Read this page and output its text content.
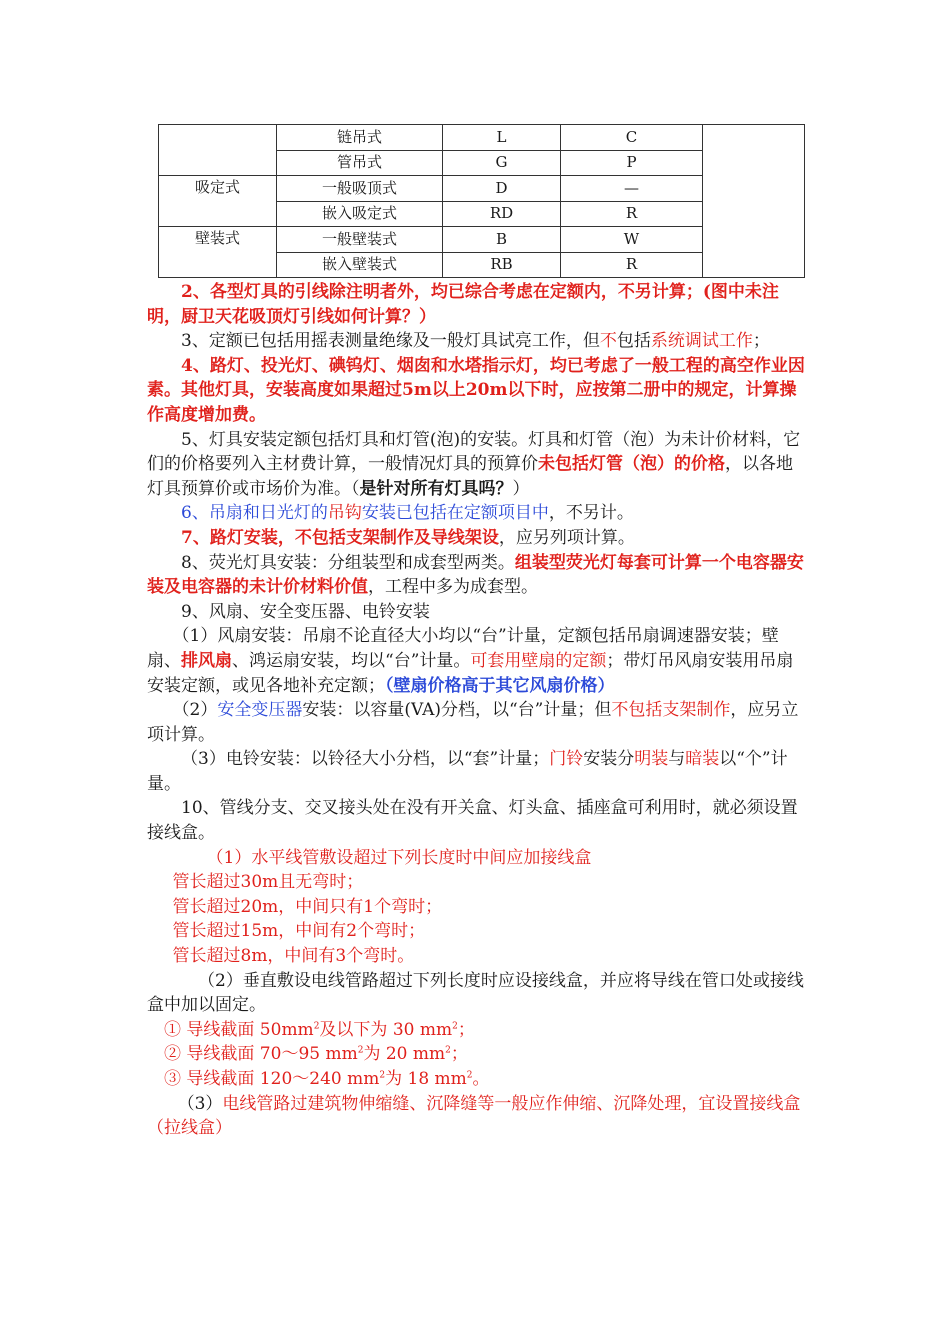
	链吊式	L	C	
	管吊式	G	P	
吸定式	一般吸顶式	D	—	
	嵌入吸定式	RD	R	
壁装式	一般壁装式	B	W	
	嵌入壁装式	RB	R	

2、各型灯具的引线除注明者外，均已综合考虑在定额内，不另计算；(图中未注明，厨卫天花吸顶灯引线如何计算？）

3、定额已包括用摇表测量绝缘及一般灯具试亮工作，但不包括系统调试工作；

4、路灯、投光灯、碘钨灯、烟囱和水塔指示灯，均已考虑了一般工程的高空作业因素。其他灯具，安装高度如果超过5m以上20m以下时，应按第二册中的规定，计算操作高度增加费。

5、灯具安装定额包括灯具和灯管(泡)的安装。灯具和灯管（泡）为未计价材料，它们的价格要列入主材费计算，一般情况灯具的预算价未包括灯管（泡）的价格，以各地灯具预算价或市场价为准。（是针对所有灯具吗？）

6、吊扇和日光灯的吊钩安装已包括在定额项目中，不另计。

7、路灯安装，不包括支架制作及导线架设，应另列项计算。

8、荧光灯具安装：分组装型和成套型两类。组装型荧光灯每套可计算一个电容器安装及电容器的未计价材料价值，工程中多为成套型。

9、风扇、安全变压器、电铃安装

（1）风扇安装：吊扇不论直径大小均以“台”计量，定额包括吊扇调速器安装；壁扇、排风扇、鸿运扇安装，均以“台”计量。可套用壁扇的定额；带灯吊风扇安装用吊扇安装定额，或见各地补充定额；（壁扇价格高于其它风扇价格）

（2）安全变压器安装：以容量(VA)分档，以“台”计量；但不包括支架制作，应另立项计算。

（3）电铃安装：以铃径大小分档，以“套”计量；门铃安装分明装与暗装以“个”计量。

10、管线分支、交叉接头处在没有开关盒、灯头盒、插座盒可利用时，就必须设置接线盒。

（1）水平线管敷设超过下列长度时中间应加接线盒

管长超过30m且无弯时；

管长超过20m，中间只有1个弯时；

管长超过15m，中间有2个弯时；

管长超过8m，中间有3个弯时。

（2）垂直敷设电线管路超过下列长度时应设接线盒，并应将导线在管口处或接线盒中加以固定。

① 导线截面 $50mm^2$及以下为 30 $mm^2$；

② 导线截面 70～95 $mm^2$为 20 $mm^2$；

③ 导线截面 120～240 $mm^2$为 18 $mm^2$。

（3）电线管路过建筑物伸缩缝、沉降缝等一般应作伸缩、沉降处理，宜设置接线盒（拉线盒）
